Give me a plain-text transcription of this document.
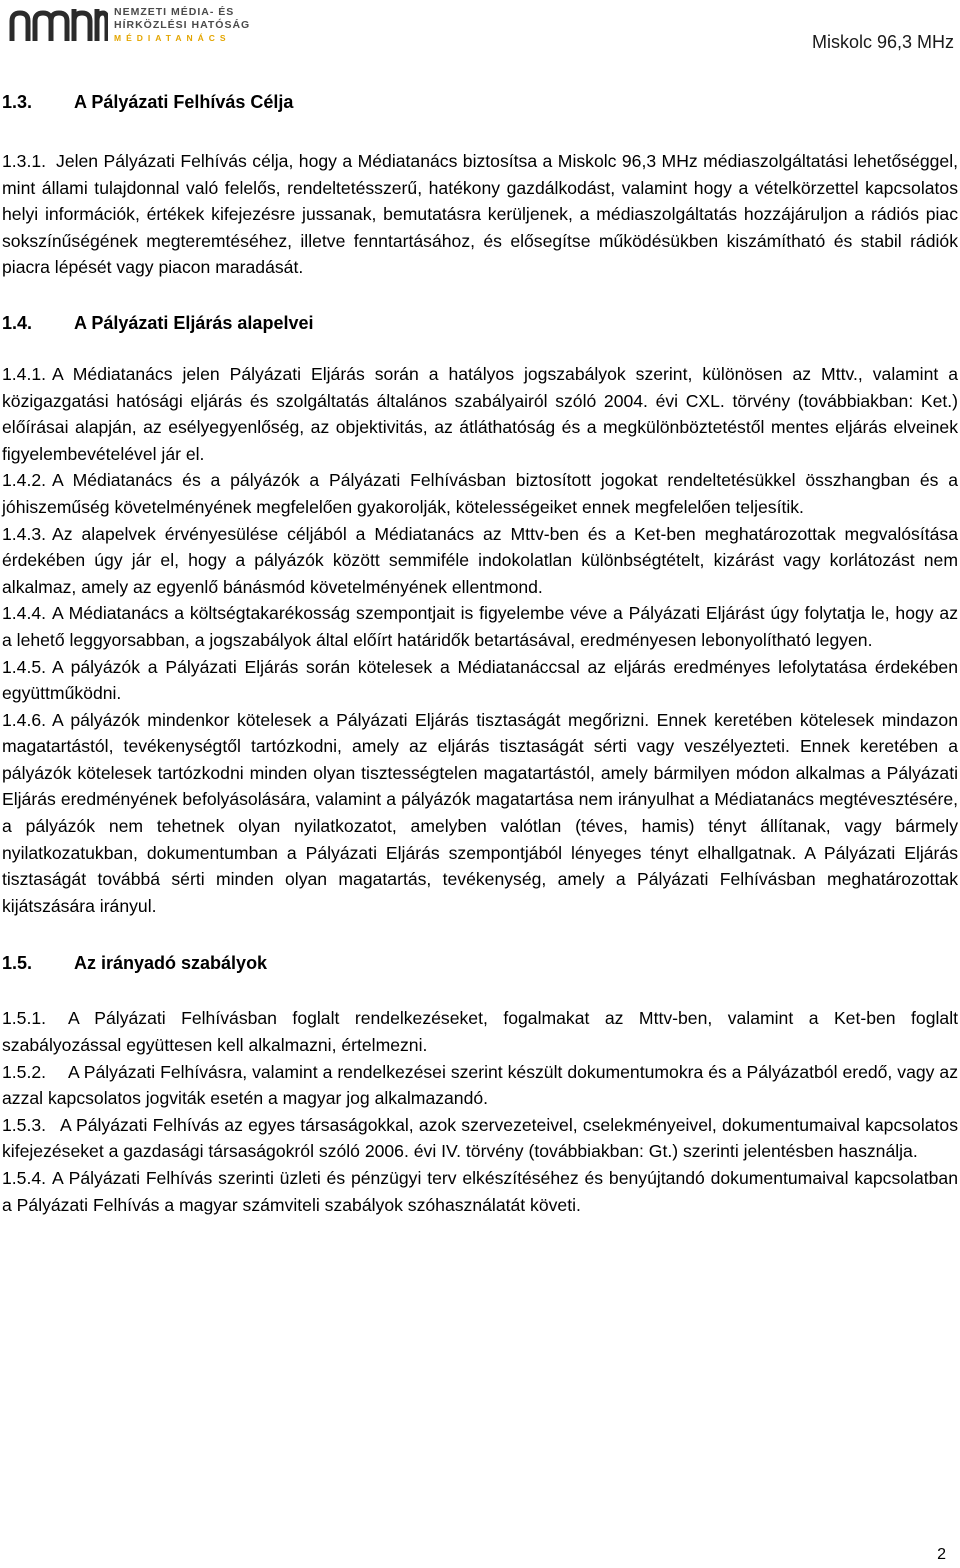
NEMZETI MÉDIA- ÉS
HÍRKÖZLÉSI HATÓSÁG
MÉDIATANÁCS	Miskolc 96,3 MHz
1.3.	A Pályázati Felhívás Célja

1.3.1. Jelen Pályázati Felhívás célja, hogy a Médiatanács biztosítsa a Miskolc 96,3 MHz médiaszolgáltatási lehetőséggel, mint állami tulajdonnal való felelős, rendeltetésszerű, hatékony gazdálkodást, valamint hogy a vételkörzettel kapcsolatos helyi információk, értékek kifejezésre jussanak, bemutatásra kerüljenek, a médiaszolgáltatás hozzájáruljon a rádiós piac sokszínűségének megteremtéséhez, illetve fenntartásához, és elősegítse működésükben kiszámítható és stabil rádiók piacra lépését vagy piacon maradását.

1.4.	A Pályázati Eljárás alapelvei

1.4.1. A Médiatanács jelen Pályázati Eljárás során a hatályos jogszabályok szerint, különösen az Mttv., valamint a közigazgatási hatósági eljárás és szolgáltatás általános szabályairól szóló 2004. évi CXL. törvény (továbbiakban: Ket.) előírásai alapján, az esélyegyenlőség, az objektivitás, az átláthatóság és a megkülönböztetéstől mentes eljárás elveinek figyelembevételével jár el.

1.4.2. A Médiatanács és a pályázók a Pályázati Felhívásban biztosított jogokat rendeltetésükkel összhangban és a jóhiszeműség követelményének megfelelően gyakorolják, kötelességeiket ennek megfelelően teljesítik.

1.4.3. Az alapelvek érvényesülése céljából a Médiatanács az Mttv-ben és a Ket-ben meghatározottak megvalósítása érdekében úgy jár el, hogy a pályázók között semmiféle indokolatlan különbségtételt, kizárást vagy korlátozást nem alkalmaz, amely az egyenlő bánásmód követelményének ellentmond.

1.4.4. A Médiatanács a költségtakarékosság szempontjait is figyelembe véve a Pályázati Eljárást úgy folytatja le, hogy az a lehető leggyorsabban, a jogszabályok által előírt határidők betartásával, eredményesen lebonyolítható legyen.

1.4.5. A pályázók a Pályázati Eljárás során kötelesek a Médiatanáccsal az eljárás eredményes lefolytatása érdekében együttműködni.

1.4.6. A pályázók mindenkor kötelesek a Pályázati Eljárás tisztaságát megőrizni. Ennek keretében kötelesek mindazon magatartástól, tevékenységtől tartózkodni, amely az eljárás tisztaságát sérti vagy veszélyezteti. Ennek keretében a pályázók kötelesek tartózkodni minden olyan tisztességtelen magatartástól, amely bármilyen módon alkalmas a Pályázati Eljárás eredményének befolyásolására, valamint a pályázók magatartása nem irányulhat a Médiatanács megtévesztésére, a pályázók nem tehetnek olyan nyilatkozatot, amelyben valótlan (téves, hamis) tényt állítanak, vagy bármely nyilatkozatukban, dokumentumban a Pályázati Eljárás szempontjából lényeges tényt elhallgatnak. A Pályázati Eljárás tisztaságát továbbá sérti minden olyan magatartás, tevékenység, amely a Pályázati Felhívásban meghatározottak kijátszására irányul.

1.5.	Az irányadó szabályok

1.5.1. A Pályázati Felhívásban foglalt rendelkezéseket, fogalmakat az Mttv-ben, valamint a Ket-ben foglalt szabályozással együttesen kell alkalmazni, értelmezni.

1.5.2. A Pályázati Felhívásra, valamint a rendelkezései szerint készült dokumentumokra és a Pályázatból eredő, vagy az azzal kapcsolatos jogviták esetén a magyar jog alkalmazandó.

1.5.3. A Pályázati Felhívás az egyes társaságokkal, azok szervezeteivel, cselekményeivel, dokumentumaival kapcsolatos kifejezéseket a gazdasági társaságokról szóló 2006. évi IV. törvény (továbbiakban: Gt.) szerinti jelentésben használja.

1.5.4. A Pályázati Felhívás szerinti üzleti és pénzügyi terv elkészítéséhez és benyújtandó dokumentumaival kapcsolatban a Pályázati Felhívás a magyar számviteli szabályok szóhasználatát követi.

2
